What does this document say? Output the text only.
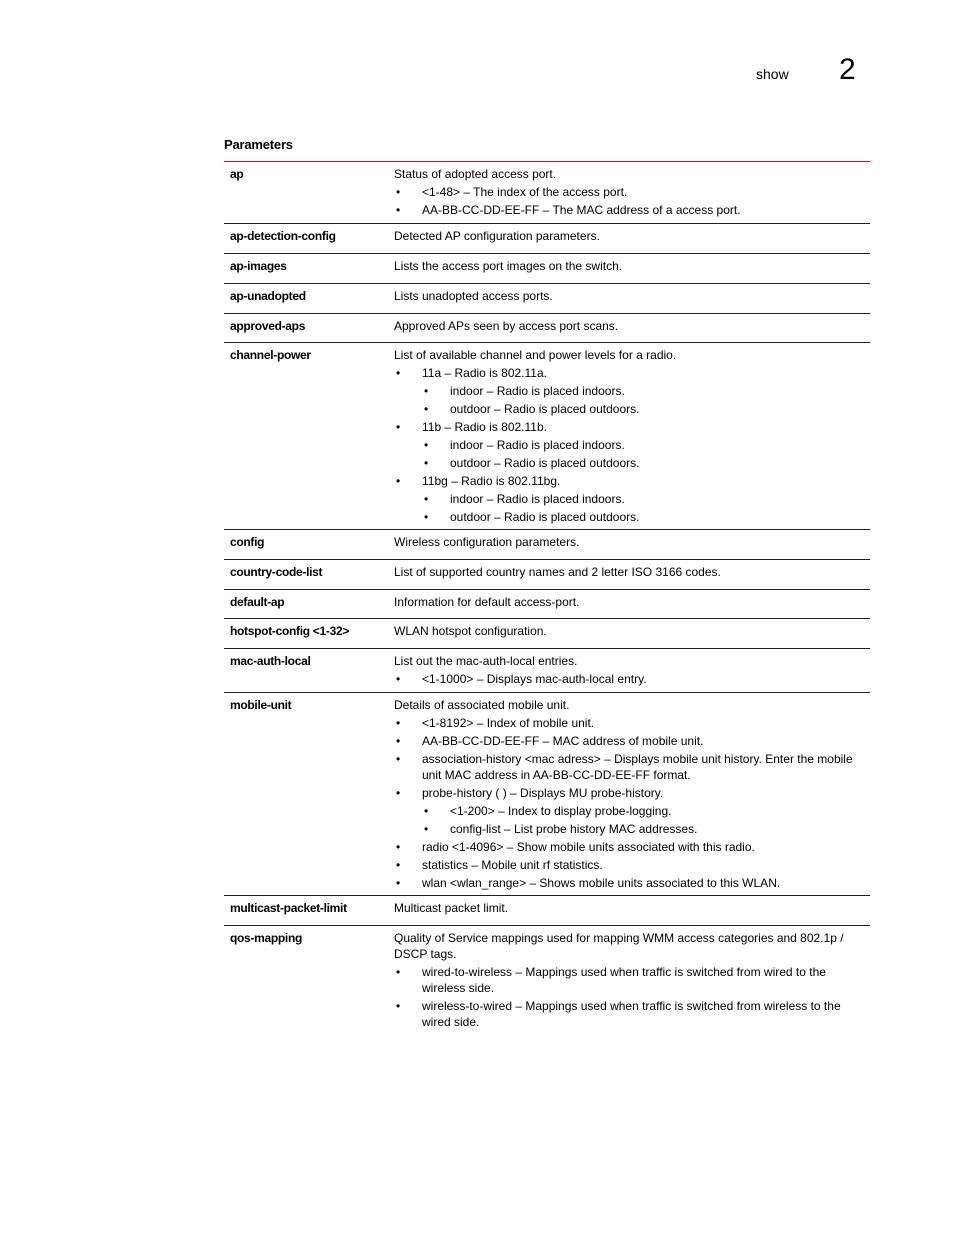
show 2
Parameters
ap	Status of adopted access port.

• <1-48> – The index of the access port.
• AA-BB-CC-DD-EE-FF – The MAC address of a access port.
ap-detection-config	Detected AP configuration parameters.

ap-images	Lists the access port images on the switch.

ap-unadopted	Lists unadopted access ports.

approved-aps	Approved APs seen by access port scans.

channel-power	List of available channel and power levels for a radio.

• 11a – Radio is 802.11a.
• indoor – Radio is placed indoors.
• outdoor – Radio is placed outdoors.
• 11b – Radio is 802.11b.
• indoor – Radio is placed indoors.
• outdoor – Radio is placed outdoors.
• 11bg – Radio is 802.11bg.
• indoor – Radio is placed indoors.
• outdoor – Radio is placed outdoors.
config	Wireless configuration parameters.

country-code-list	List of supported country names and 2 letter ISO 3166 codes.

default-ap	Information for default access-port.

hotspot-config <1-32>	WLAN hotspot configuration.

mac-auth-local	List out the mac-auth-local entries.

• <1-1000> – Displays mac-auth-local entry.
mobile-unit	Details of associated mobile unit.

• <1-8192> – Index of mobile unit.
• AA-BB-CC-DD-EE-FF – MAC address of mobile unit.
• association-history <mac adress> – Displays mobile unit history. Enter the mobile unit MAC address in AA-BB-CC-DD-EE-FF format.
• probe-history ( ) – Displays MU probe-history.
• <1-200> – Index to display probe-logging.
• config-list – List probe history MAC addresses.
• radio <1-4096> – Show mobile units associated with this radio.
• statistics – Mobile unit rf statistics.
• wlan <wlan_range> – Shows mobile units associated to this WLAN.
multicast-packet-limit	Multicast packet limit.

qos-mapping	Quality of Service mappings used for mapping WMM access categories and 802.1p / DSCP tags.

• wired-to-wireless – Mappings used when traffic is switched from wired to the wireless side.
• wireless-to-wired – Mappings used when traffic is switched from wireless to the wired side.
